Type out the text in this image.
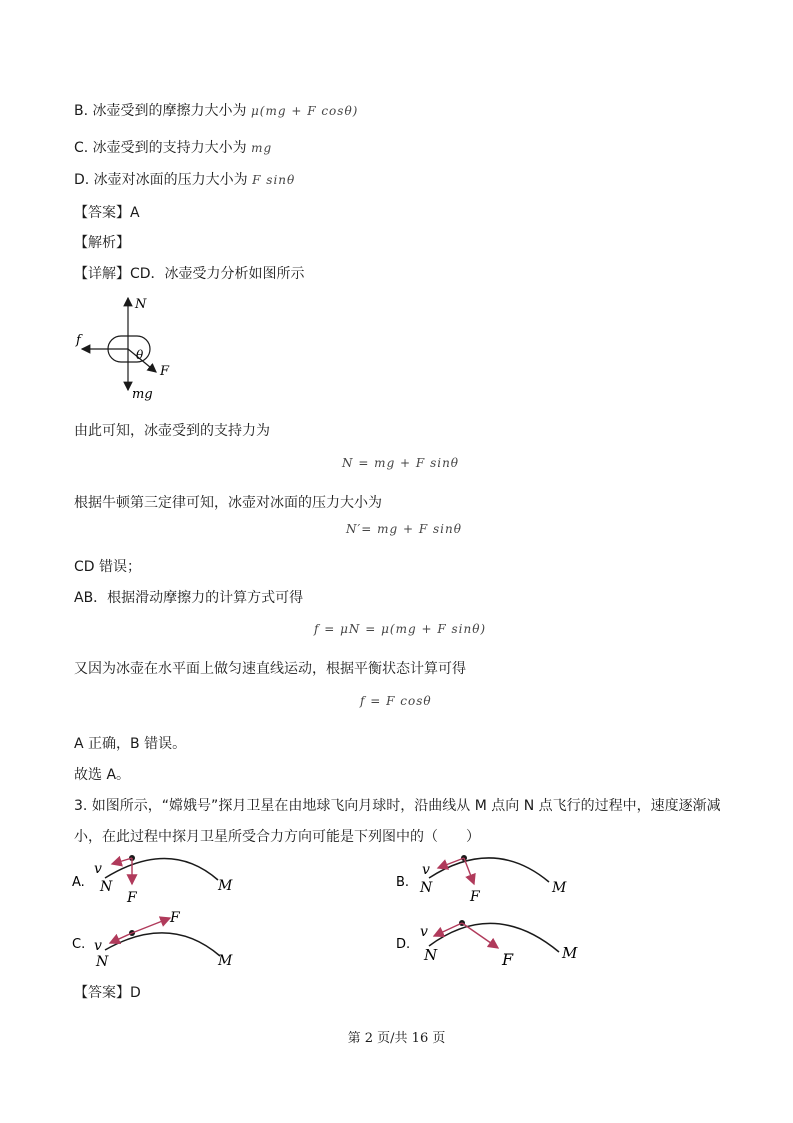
B. 冰壶受到的摩擦力大小为 μ(mg + F cosθ)
C. 冰壶受到的支持力大小为 mg
D. 冰壶对冰面的压力大小为 F sinθ
【答案】A
【解析】
【详解】CD．冰壶受力分析如图所示
N
f
θ
F
mg
由此可知，冰壶受到的支持力为
N = mg + F sinθ
根据牛顿第三定律可知，冰壶对冰面的压力大小为
N′= mg + F sinθ
CD 错误；
AB．根据滑动摩擦力的计算方式可得
f = μN = μ(mg + F sinθ)
又因为冰壶在水平面上做匀速直线运动，根据平衡状态计算可得
f = F cosθ
A 正确，B 错误。
故选 A。
3. 如图所示，“嫦娥号”探月卫星在由地球飞向月球时，沿曲线从 M 点向 N 点飞行的过程中，速度逐渐减
小，在此过程中探月卫星所受合力方向可能是下列图中的（　　）
A.
v
N
F
M	B.
v
N
F
M
C. v
N
F
M
D.
v
N	F	M
【答案】D
第 2 页/共 16 页
